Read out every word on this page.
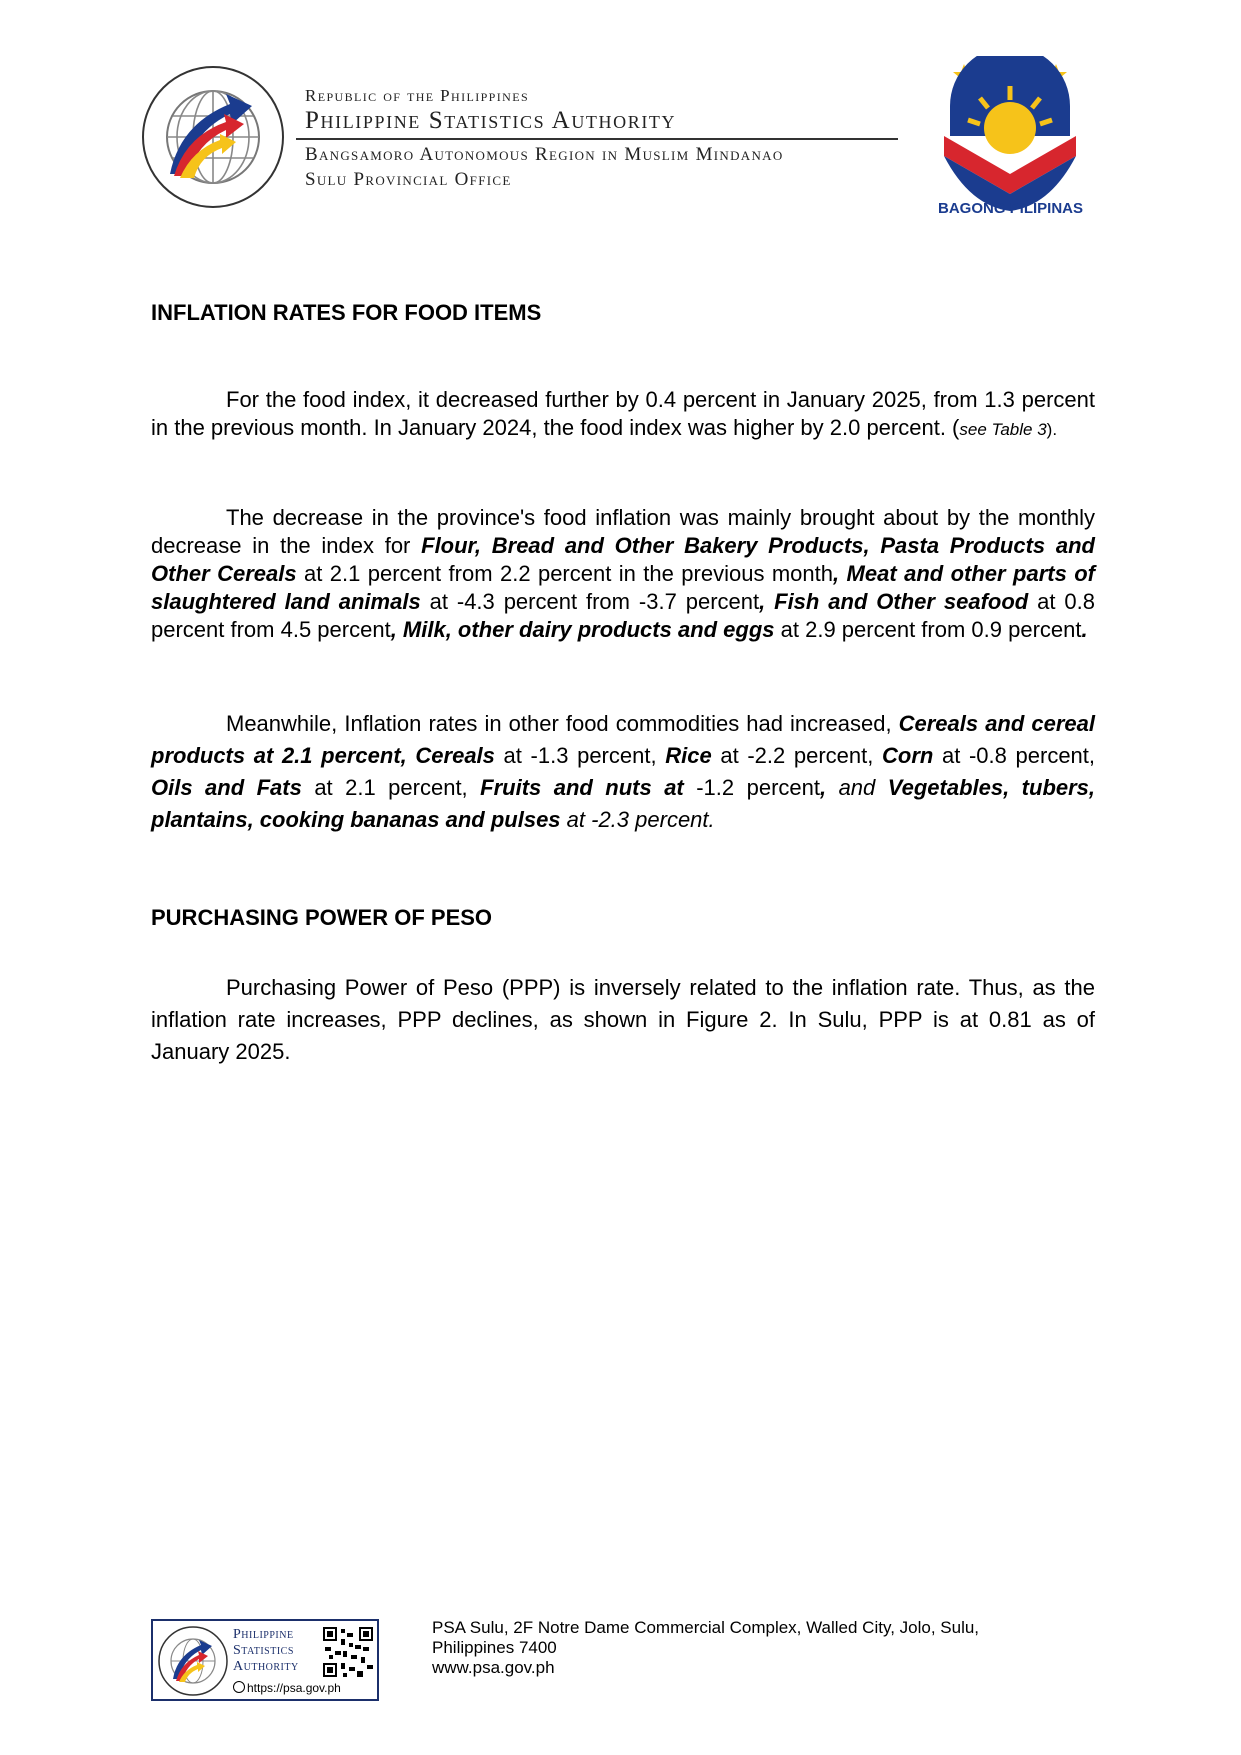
Republic of the Philippines
Philippine Statistics Authority
Bangsamoro Autonomous Region in Muslim Mindanao
Sulu Provincial Office
BAGONG PILIPINAS
INFLATION RATES FOR FOOD ITEMS

For the food index, it decreased further by 0.4 percent in January 2025, from 1.3 percent in the previous month. In January 2024, the food index was higher by 2.0 percent. (see Table 3).

The decrease in the province's food inflation was mainly brought about by the monthly decrease in the index for Flour, Bread and Other Bakery Products, Pasta Products and Other Cereals at 2.1 percent from 2.2 percent in the previous month, Meat and other parts of slaughtered land animals at -4.3 percent from -3.7 percent, Fish and Other seafood at 0.8 percent from 4.5 percent, Milk, other dairy products and eggs at 2.9 percent from 0.9 percent.

Meanwhile, Inflation rates in other food commodities had increased, Cereals and cereal products at 2.1 percent, Cereals at -1.3 percent, Rice at -2.2 percent, Corn at -0.8 percent, Oils and Fats at 2.1 percent, Fruits and nuts at -1.2 percent, and Vegetables, tubers, plantains, cooking bananas and pulses at -2.3 percent.

PURCHASING POWER OF PESO

Purchasing Power of Peso (PPP) is inversely related to the inflation rate. Thus, as the inflation rate increases, PPP declines, as shown in Figure 2. In Sulu, PPP is at 0.81 as of January 2025.

Philippine
Statistics
Authority
https://psa.gov.ph
PSA Sulu, 2F Notre Dame Commercial Complex, Walled City, Jolo, Sulu,
Philippines 7400
www.psa.gov.ph
